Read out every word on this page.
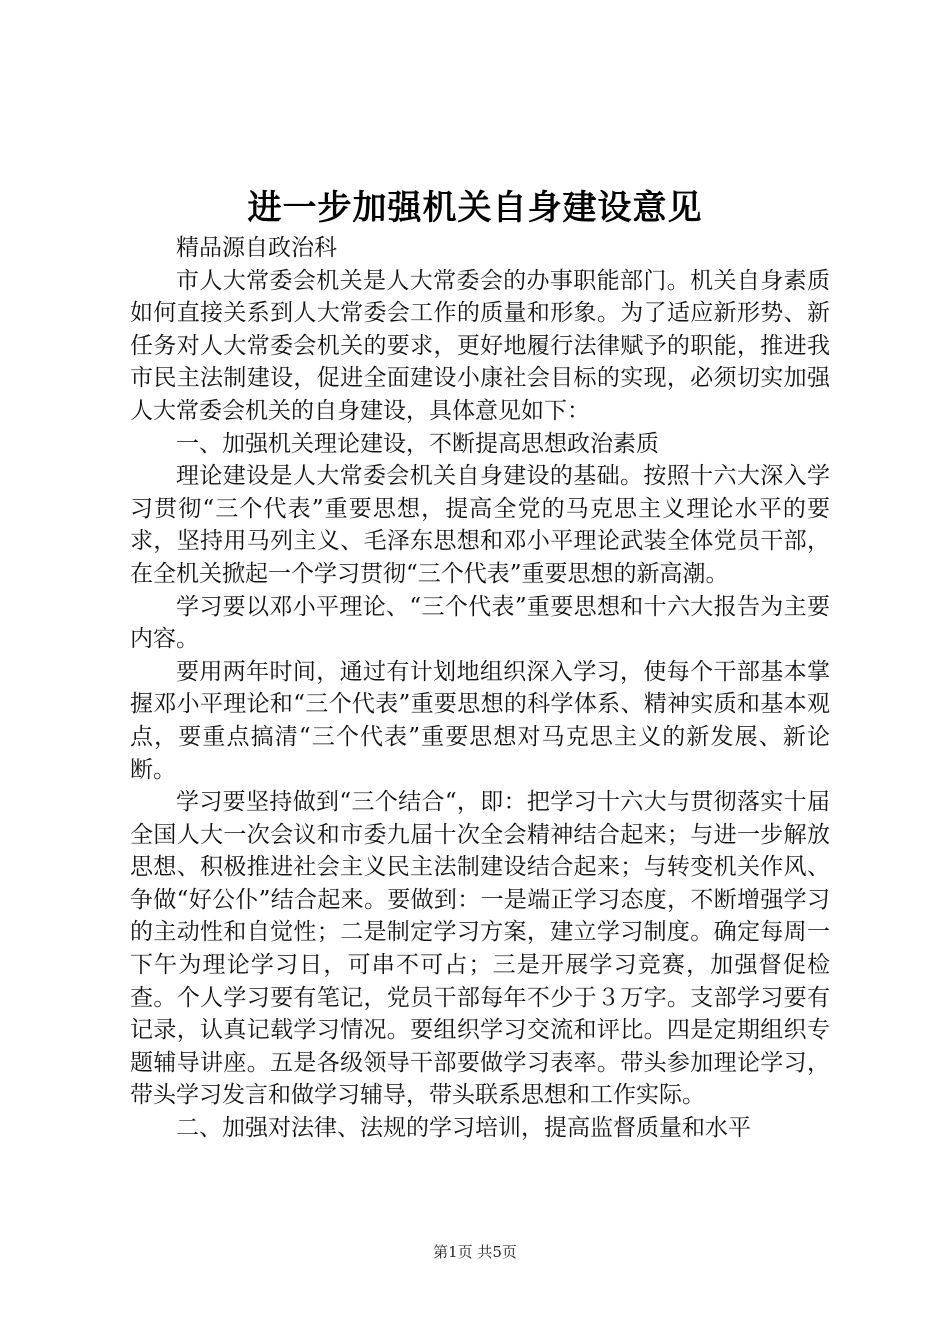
进一步加强机关自身建设意见

精品源自政治科

市人大常委会机关是人大常委会的办事职能部门。机关自身素质如何直接关系到人大常委会工作的质量和形象。为了适应新形势、新任务对人大常委会机关的要求，更好地履行法律赋予的职能，推进我市民主法制建设，促进全面建设小康社会目标的实现，必须切实加强人大常委会机关的自身建设，具体意见如下：

一、加强机关理论建设，不断提高思想政治素质

理论建设是人大常委会机关自身建设的基础。按照十六大深入学习贯彻“三个代表”重要思想，提高全党的马克思主义理论水平的要求，坚持用马列主义、毛泽东思想和邓小平理论武装全体党员干部，在全机关掀起一个学习贯彻“三个代表”重要思想的新高潮。

学习要以邓小平理论、“三个代表”重要思想和十六大报告为主要内容。

要用两年时间，通过有计划地组织深入学习，使每个干部基本掌握邓小平理论和“三个代表”重要思想的科学体系、精神实质和基本观点，要重点搞清“三个代表”重要思想对马克思主义的新发展、新论断。

学习要坚持做到“三个结合“，即：把学习十六大与贯彻落实十届全国人大一次会议和市委九届十次全会精神结合起来；与进一步解放思想、积极推进社会主义民主法制建设结合起来；与转变机关作风、争做“好公仆”结合起来。要做到：一是端正学习态度，不断增强学习的主动性和自觉性；二是制定学习方案，建立学习制度。确定每周一下午为理论学习日，可串不可占；三是开展学习竞赛，加强督促检查。个人学习要有笔记，党员干部每年不少于３万字。支部学习要有记录，认真记载学习情况。要组织学习交流和评比。四是定期组织专题辅导讲座。五是各级领导干部要做学习表率。带头参加理论学习，带头学习发言和做学习辅导，带头联系思想和工作实际。

二、加强对法律、法规的学习培训，提高监督质量和水平

第1页 共5页
